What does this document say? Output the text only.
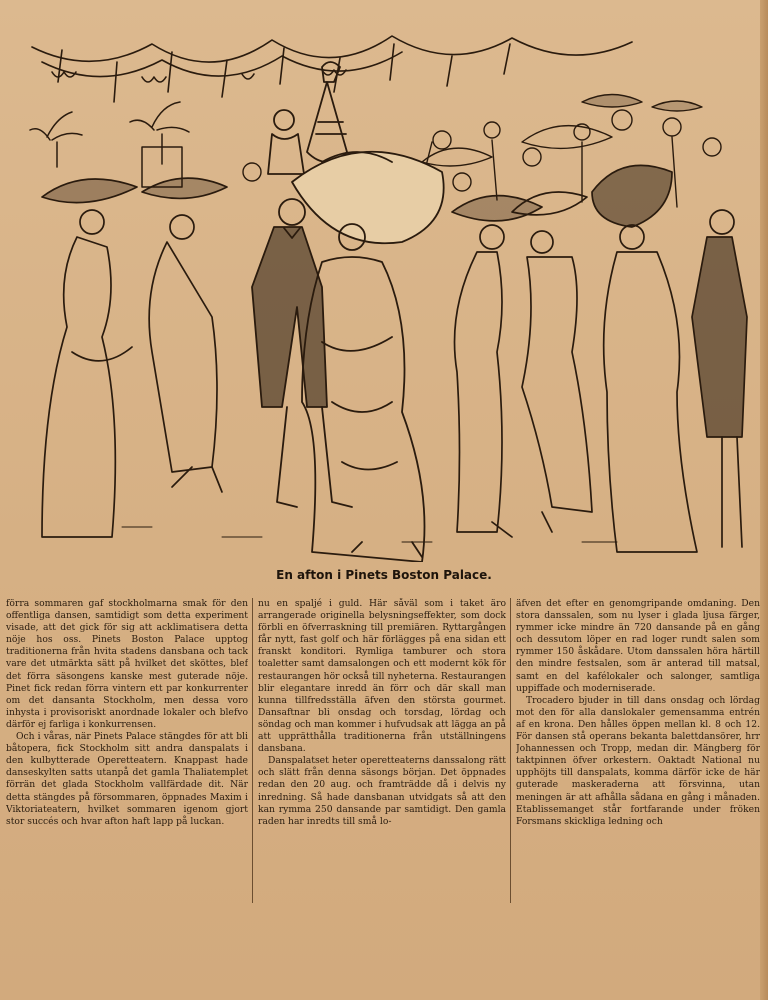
En afton i Pinets Boston Palace.

förra sommaren gaf stockholmarna smak för den offentliga dansen, samtidigt som detta experiment visade, att det gick för sig att acklimatisera detta nöje hos oss. Pinets Boston Palace upptog traditionerna från hvita stadens dansbana och tack vare det utmärkta sätt på hvilket det sköttes, blef det förra säsongens kanske mest guterade nöje. Pinet fick redan förra vintern ett par konkurrenter om det dansanta Stockholm, men dessa voro inhysta i provisoriskt anordnade lokaler och blefvo därför ej farliga i konkurrensen.

Och i våras, när Pinets Palace stängdes för att bli båtopera, fick Stockholm sitt andra danspalats i den kulbytterade Operetteatern. Knappast hade danseskylten satts utanpå det gamla Thaliatemplet förrän det glada Stockholm vallfärdade dit. När detta stängdes på försommaren, öppnades Maxim i Viktoriateatern, hvilket sommaren igenom gjort stor succés och hvar afton haft lapp på luckan.

nu en spaljé i guld. Här såväl som i taket äro arrangerade originella belysningseffekter, som dock förbli en öfverraskning till premiären. Ryttargången får nytt, fast golf och här förlägges på ena sidan ett franskt konditori. Rymliga tamburer och stora toaletter samt damsalongen och ett modernt kök för restaurangen hör också till nyheterna. Restaurangen blir elegantare inredd än förr och där skall man kunna tillfredsställa äfven den största gourmet. Dansaftnar bli onsdag och torsdag, lördag och söndag och man kommer i hufvudsak att lägga an på att upprätthålla traditionerna från utställningens dansbana.

Danspalatset heter operetteaterns danssalong rätt och slätt från denna säsongs början. Det öppnades redan den 20 aug. och framträdde då i delvis ny inredning. Så hade dansbanan utvidgats så att den kan rymma 250 dansande par samtidigt. Den gamla raden har inredts till små lo-

äfven det efter en genomgripande omdaning. Den stora danssalen, som nu lyser i glada ljusa färger, rymmer icke mindre än 720 dansande på en gång och dessutom löper en rad loger rundt salen som rymmer 150 åskådare. Utom danssalen höra härtill den mindre festsalen, som är anterad till matsal, samt en del kafélokaler och salonger, samtliga uppiffade och moderniserade.

Trocadero bjuder in till dans onsdag och lördag mot den för alla danslokaler gemensamma entrén af en krona. Den hålles öppen mellan kl. 8 och 12. För dansen stå operans bekanta balettdansörer, hrr Johannessen och Tropp, medan dir. Mängberg för taktpinnen öfver orkestern. Oaktadt National nu upphöjts till danspalats, komma därför icke de här guterade maskeraderna att försvinna, utan meningen är att afhålla sådana en gång i månaden. Etablissemanget står fortfarande under fröken Forsmans skickliga ledning och
